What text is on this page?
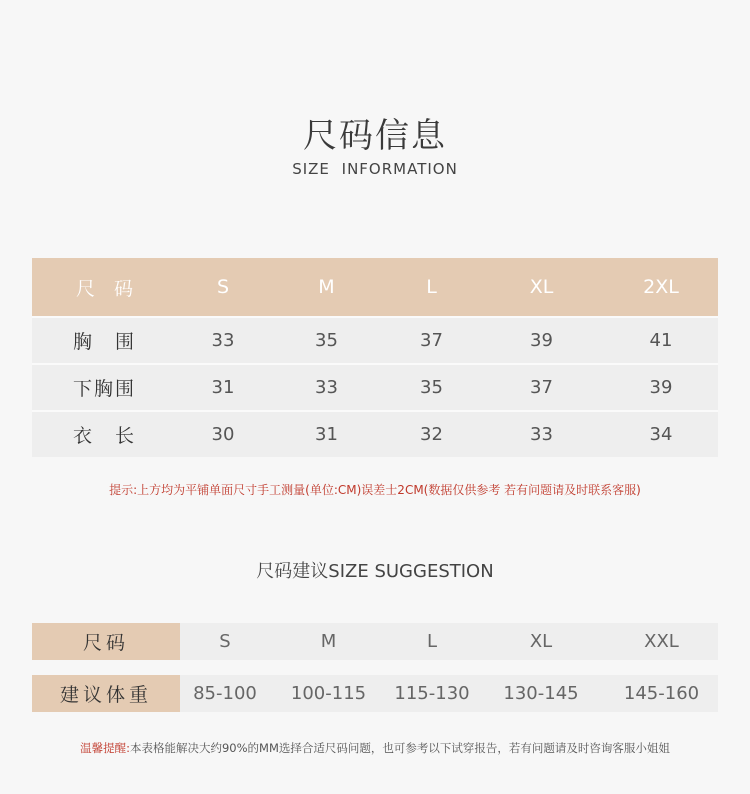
尺码信息
SIZE INFORMATION
尺　码	S	M	L	XL	2XL
胸　围	33	35	37	39	41
下胸围	31	33	35	37	39
衣　长	30	31	32	33	34
提示:上方均为平铺单面尺寸手工测量(单位:CM)误差士2CM(数据仅供参考 若有问题请及时联系客服)
尺码建议SIZE SUGGESTION
尺码	S	M	L	XL	XXL
建议体重	85-100	100-115	115-130	130-145	145-160
温馨提醒:本表格能解决大约90%的MM选择合适尺码问题，也可参考以下试穿报告，若有问题请及时咨询客服小姐姐
